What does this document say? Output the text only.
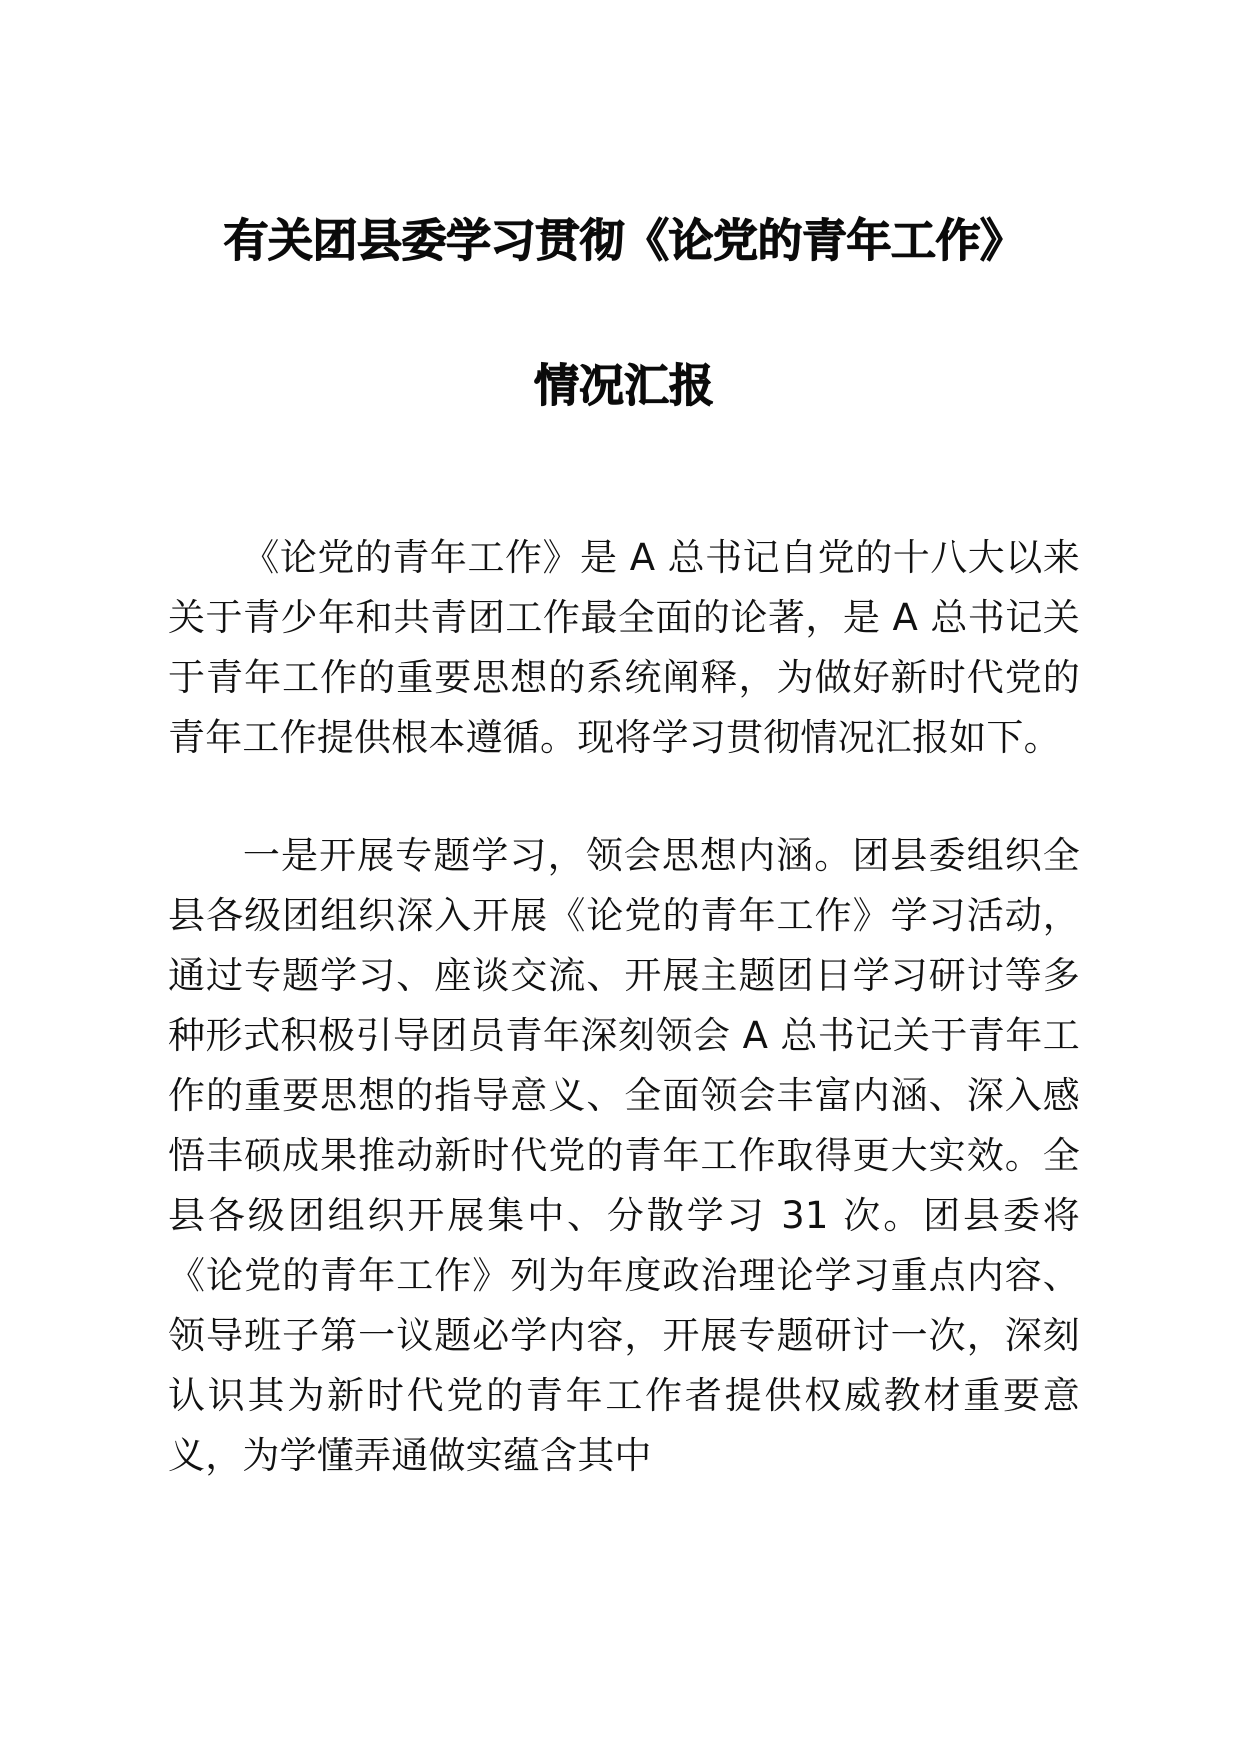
有关团县委学习贯彻《论党的青年工作》
情况汇报

《论党的青年工作》是 A 总书记自党的十八大以来关于青少年和共青团工作最全面的论著，是 A 总书记关于青年工作的重要思想的系统阐释，为做好新时代党的青年工作提供根本遵循。现将学习贯彻情况汇报如下。

一是开展专题学习，领会思想内涵。团县委组织全县各级团组织深入开展《论党的青年工作》学习活动，通过专题学习、座谈交流、开展主题团日学习研讨等多种形式积极引导团员青年深刻领会 A 总书记关于青年工作的重要思想的指导意义、全面领会丰富内涵、深入感悟丰硕成果推动新时代党的青年工作取得更大实效。全县各级团组织开展集中、分散学习 31 次。团县委将《论党的青年工作》列为年度政治理论学习重点内容、领导班子第一议题必学内容，开展专题研讨一次，深刻认识其为新时代党的青年工作者提供权威教材重要意义，为学懂弄通做实蕴含其中
